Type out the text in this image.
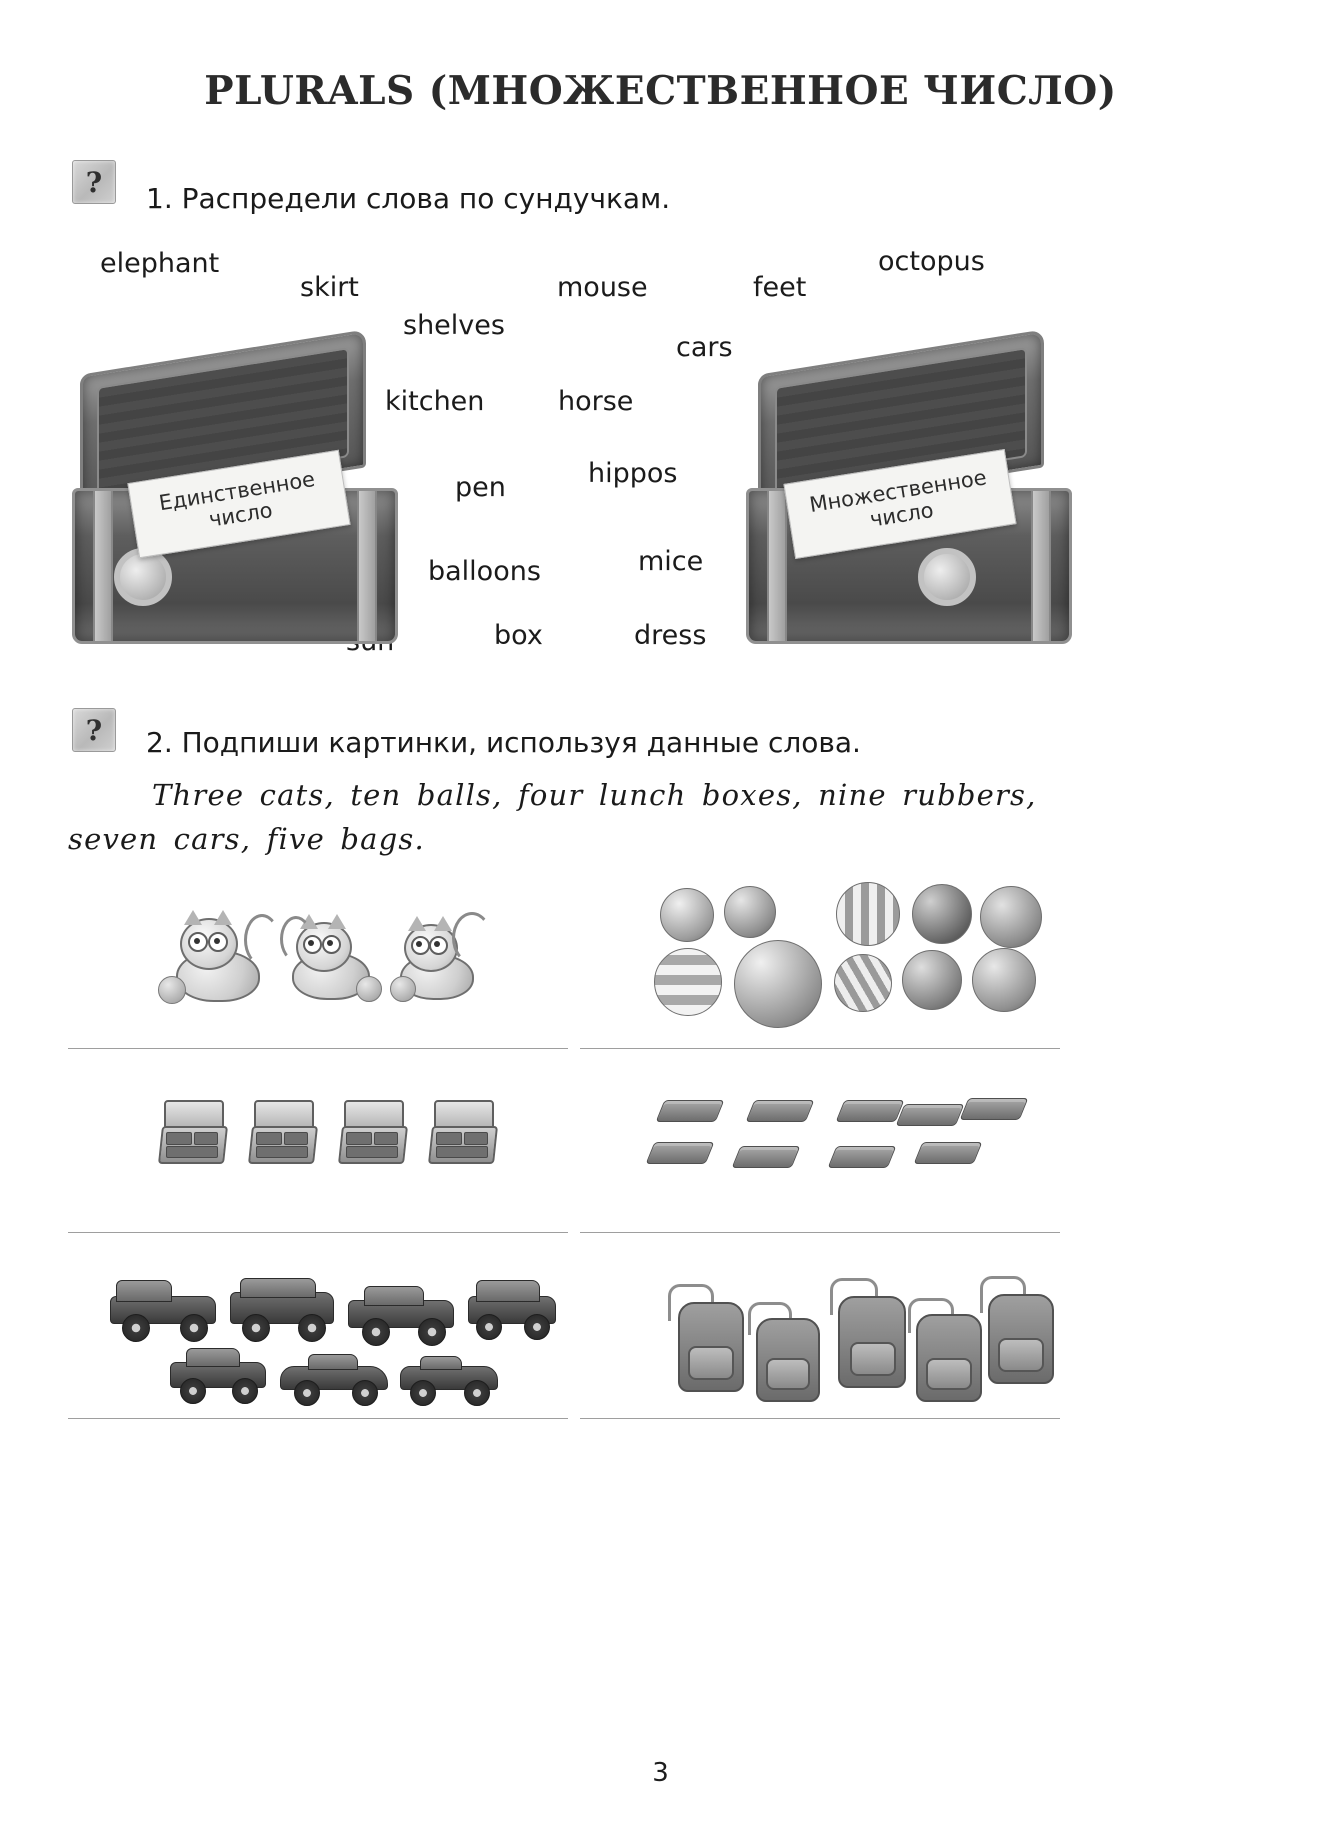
PLURALS (МНОЖЕСТВЕННОЕ ЧИСЛО)
? 1. Распредели слова по сундучкам.
elephant
skirt	mouse	feet
octopus
shelves
cars
kitchen	horse
pen	hippos
balloons	mice
box	dress
Единственное число	Множественное число
? 2. Подпиши картинки, используя данные слова.
Three cats, ten balls, four lunch boxes, nine rubbers,
seven cars, five bags.
3
